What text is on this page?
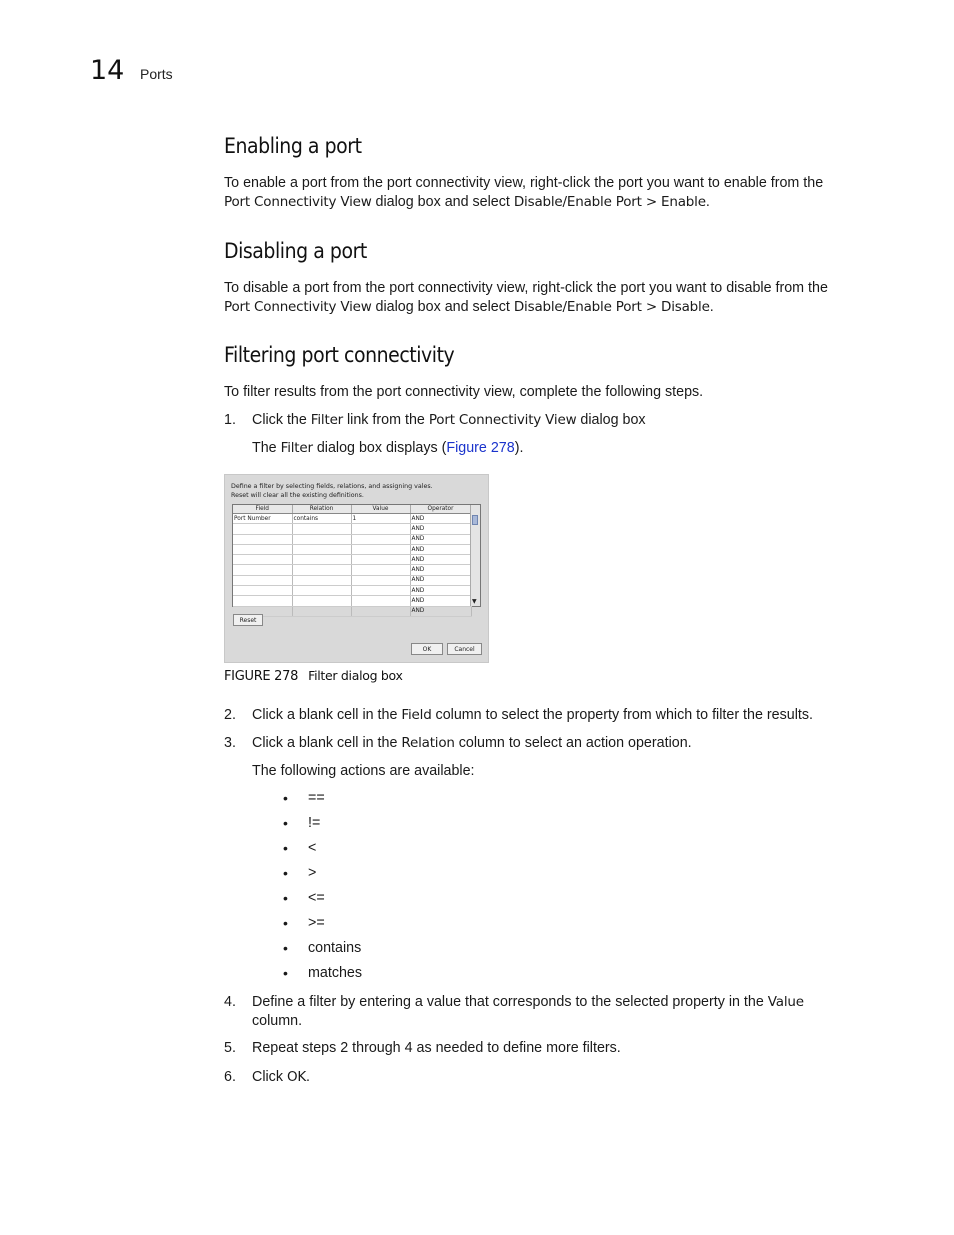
14 Ports
Enabling a port

To enable a port from the port connectivity view, right-click the port you want to enable from the
Port Connectivity View dialog box and select Disable/Enable Port > Enable.

Disabling a port

To disable a port from the port connectivity view, right-click the port you want to disable from the
Port Connectivity View dialog box and select Disable/Enable Port > Disable.

Filtering port connectivity

To filter results from the port connectivity view, complete the following steps.

1. Click the Filter link from the Port Connectivity View dialog box

The Filter dialog box displays (Figure 278).

Define a filter by selecting fields, relations, and assigning vales.
Reset will clear all the existing definitions.
Field	Relation	Value	Operator
Port Number	contains	1	AND
			AND
			AND
			AND
			AND
			AND
			AND
			AND
			AND
			AND
▼
Reset
OK	Cancel
FIGURE 278 Filter dialog box
2. Click a blank cell in the Field column to select the property from which to filter the results.

3. Click a blank cell in the Relation column to select an action operation.

The following actions are available:

• ==
• !=
• <
• >
• <=
• >=
• contains
• matches
4. Define a filter by entering a value that corresponds to the selected property in the Value column.

5. Repeat steps 2 through 4 as needed to define more filters.

6. Click OK.
